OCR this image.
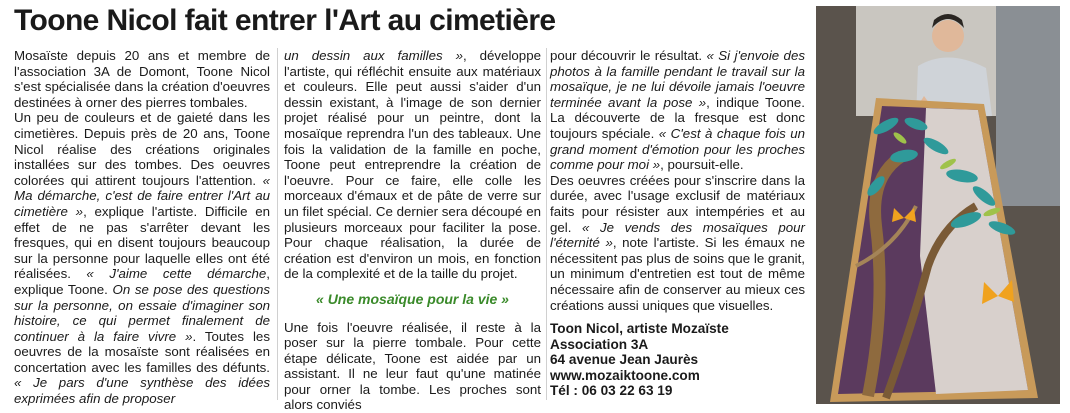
Toone Nicol fait entrer l'Art au cimetière

Mosaïste depuis 20 ans et membre de l'association 3A de Domont, Toone Nicol s'est spécialisée dans la création d'oeuvres destinées à orner des pierres tombales.

Un peu de couleurs et de gaieté dans les cimetières. Depuis près de 20 ans, Toone Nicol réalise des créations originales installées sur des tombes. Des oeuvres colorées qui attirent toujours l'attention. « Ma démarche, c'est de faire entrer l'Art au cimetière », explique l'artiste. Difficile en effet de ne pas s'arrêter devant les fresques, qui en disent toujours beaucoup sur la personne pour laquelle elles ont été réalisées. « J'aime cette démarche, explique Toone. On se pose des questions sur la personne, on essaie d'imaginer son histoire, ce qui permet finalement de continuer à la faire vivre ». Toutes les oeuvres de la mosaïste sont réalisées en concertation avec les familles des défunts. « Je pars d'une synthèse des idées exprimées afin de proposer

un dessin aux familles », développe l'artiste, qui réfléchit ensuite aux matériaux et couleurs. Elle peut aussi s'aider d'un dessin existant, à l'image de son dernier projet réalisé pour un peintre, dont la mosaïque reprendra l'un des tableaux. Une fois la validation de la famille en poche, Toone peut entreprendre la création de l'oeuvre. Pour ce faire, elle colle les morceaux d'émaux et de pâte de verre sur un filet spécial. Ce dernier sera découpé en plusieurs morceaux pour faciliter la pose. Pour chaque réalisation, la durée de création est d'environ un mois, en fonction de la complexité et de la taille du projet.

« Une mosaïque pour la vie »

Une fois l'oeuvre réalisée, il reste à la poser sur la pierre tombale. Pour cette étape délicate, Toone est aidée par un assistant. Il ne leur faut qu'une matinée pour orner la tombe. Les proches sont alors conviés

pour découvrir le résultat. « Si j'envoie des photos à la famille pendant le travail sur la mosaïque, je ne lui dévoile jamais l'oeuvre terminée avant la pose », indique Toone. La découverte de la fresque est donc toujours spéciale. « C'est à chaque fois un grand moment d'émotion pour les proches comme pour moi », poursuit-elle.

Des oeuvres créées pour s'inscrire dans la durée, avec l'usage exclusif de matériaux faits pour résister aux intempéries et au gel. « Je vends des mosaïques pour l'éternité », note l'artiste. Si les émaux ne nécessitent pas plus de soins que le granit, un minimum d'entretien est tout de même nécessaire afin de conserver au mieux ces créations aussi uniques que visuelles.

Toon Nicol, artiste Mozaïste
Association 3A
64 avenue Jean Jaurès
www.mozaiktoone.com
Tél : 06 03 22 63 19
